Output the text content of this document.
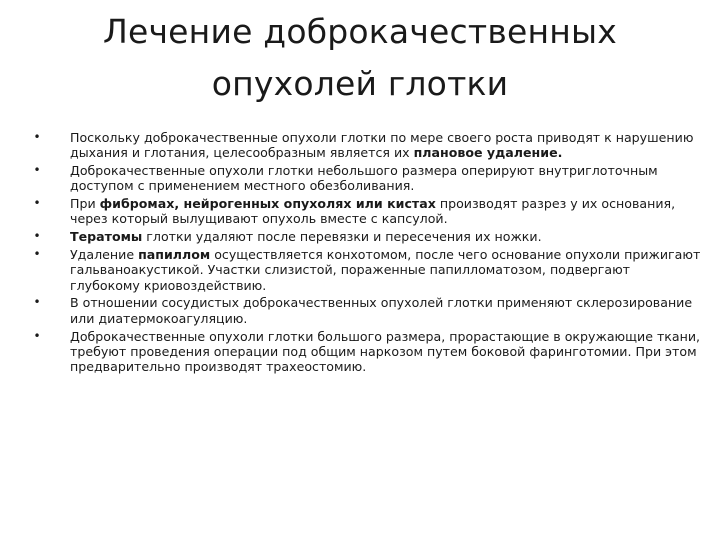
Лечение доброкачественных
опухолей глотки
• Поскольку доброкачественные опухоли глотки по мере своего роста приводят к нарушению дыхания и глотания, целесообразным является их плановое удаление.
• Доброкачественные опухоли глотки небольшого размера оперируют внутриглоточным доступом с применением местного обезболивания.
• При фибромах, нейрогенных опухолях или кистах производят разрез у их основания, через который вылущивают опухоль вместе с капсулой.
• Тератомы глотки удаляют после перевязки и пересечения их ножки.
• Удаление папиллом осуществляется конхотомом, после чего основание опухоли прижигают гальваноакустикой. Участки слизистой, пораженные папилломатозом, подвергают глубокому криовоздействию.
• В отношении сосудистых доброкачественных опухолей глотки применяют склерозирование или диатермокоагуляцию.
• Доброкачественные опухоли глотки большого размера, прорастающие в окружающие ткани, требуют проведения операции под общим наркозом путем боковой фаринготомии. При этом предварительно производят трахеостомию.
